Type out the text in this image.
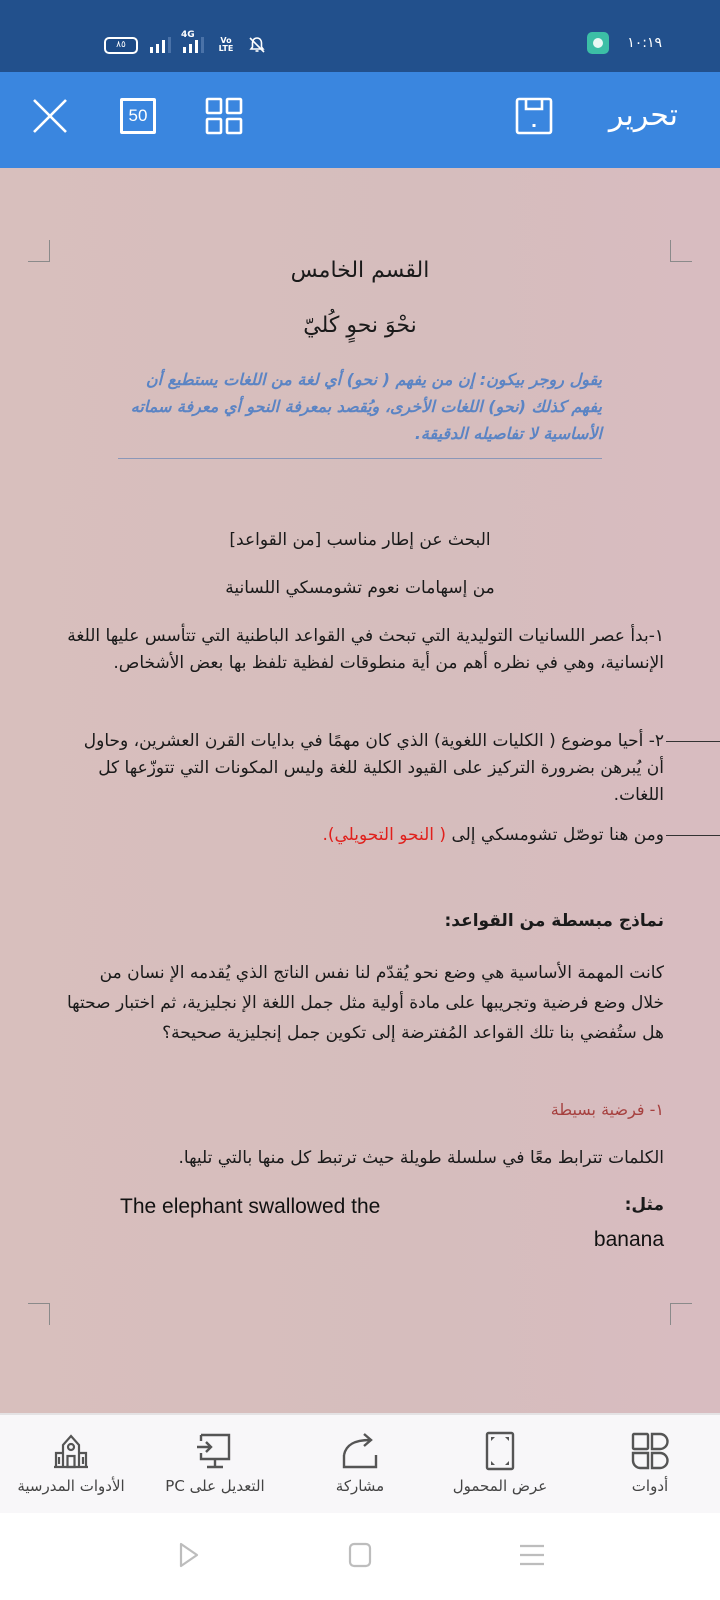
٨٥
4G
Vo LTE	١٠:١٩
50	تحرير
القسم الخامس
نحْوَ نحوٍ كُليّ
يقول روجر بيكون: إن من يفهم ( نحو) أي لغة من اللغات يستطيع أن يفهم كذلك (نحو) اللغات الأخرى، ويُقصد بمعرفة النحو أي معرفة سماته الأساسية لا تفاصيله الدقيقة.
البحث عن إطار مناسب [من القواعد]
من إسهامات نعوم تشومسكي اللسانية
١-بدأ عصر اللسانيات التوليدية التي تبحث في القواعد الباطنية التي تتأسس عليها اللغة الإنسانية، وهي في نظره أهم من أية منطوقات لفظية تلفظ بها بعض الأشخاص.
٢- أحيا موضوع ( الكليات اللغوية) الذي كان مهمًا في بدايات القرن العشرين، وحاول أن يُبرهن بضرورة التركيز على القيود الكلية للغة وليس المكونات التي تتوزّعها كل اللغات.
ومن هنا توصّل تشومسكي إلى ( النحو التحويلي).
نماذج مبسطة من القواعد:
كانت المهمة الأساسية هي وضع نحو يُقدّم لنا نفس الناتج الذي يُقدمه الإ نسان من خلال وضع فرضية وتجريبها على مادة أولية مثل جمل اللغة الإ نجليزية، ثم اختبار صحتها هل ستُفضي بنا تلك القواعد المُفترضة إلى تكوين جمل إنجليزية صحيحة؟
١- فرضية بسيطة
الكلمات تترابط معًا في سلسلة طويلة حيث ترتبط كل منها بالتي تليها.
مثل:
The elephant swallowed the
banana
أدوات
عرض المحمول
مشاركة
التعديل على PC
الأدوات المدرسية
